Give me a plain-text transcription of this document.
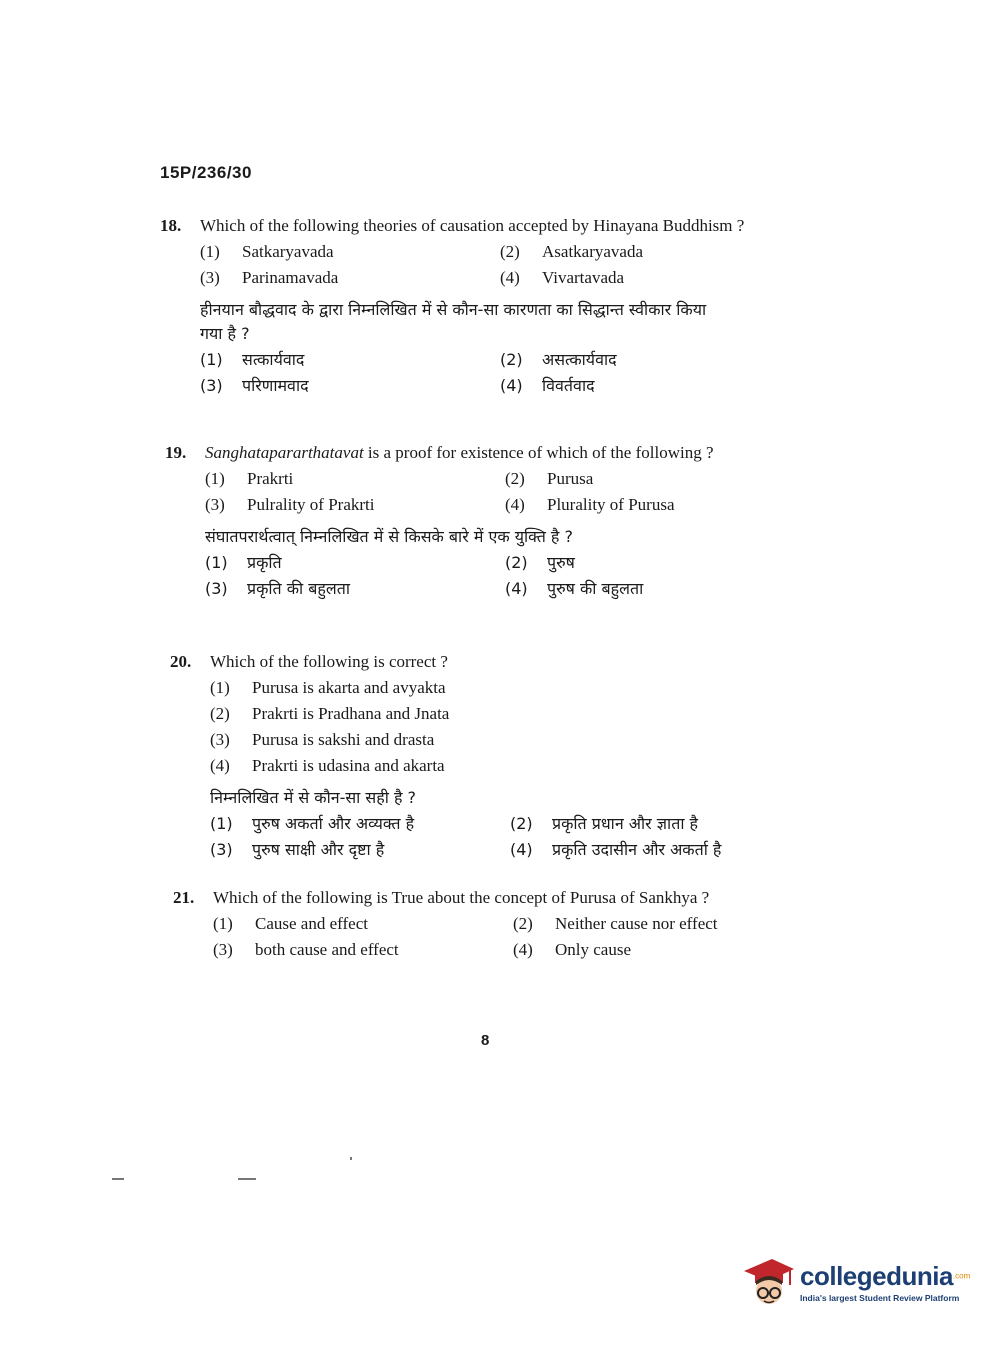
15P/236/30
18.	Which of the following theories of causation accepted by Hinayana Buddhism ?
(1)	Satkaryavada	(2)	Asatkaryavada
(3)	Parinamavada	(4)	Vivartavada
हीनयान बौद्धवाद के द्वारा निम्नलिखित में से कौन-सा कारणता का सिद्धान्त स्वीकार किया गया है ?
(1)	सत्कार्यवाद	(2)	असत्कार्यवाद
(3)	परिणामवाद	(4)	विवर्तवाद
19.	Sanghatapararthatavat is a proof for existence of which of the following ?
(1)	Prakrti	(2)	Purusa
(3)	Pulrality of Prakrti	(4)	Plurality of Purusa
संघातपरार्थत्वात् निम्नलिखित में से किसके बारे में एक युक्ति है ?
(1)	प्रकृति	(2)	पुरुष
(3)	प्रकृति की बहुलता	(4)	पुरुष की बहुलता
20.	Which of the following is correct ?
(1)	Purusa is akarta and avyakta
(2)	Prakrti is Pradhana and Jnata
(3)	Purusa is sakshi and drasta
(4)	Prakrti is udasina and akarta
निम्नलिखित में से कौन-सा सही है ?
(1)	पुरुष अकर्ता और अव्यक्त है	(2)	प्रकृति प्रधान और ज्ञाता है
(3)	पुरुष साक्षी और दृष्टा है	(4)	प्रकृति उदासीन और अकर्ता है
21.	Which of the following is True about the concept of Purusa of Sankhya ?
(1)	Cause and effect	(2)	Neither cause nor effect
(3)	both cause and effect	(4)	Only cause
8
collegedunia$^{.com}$
India's largest Student Review Platform
